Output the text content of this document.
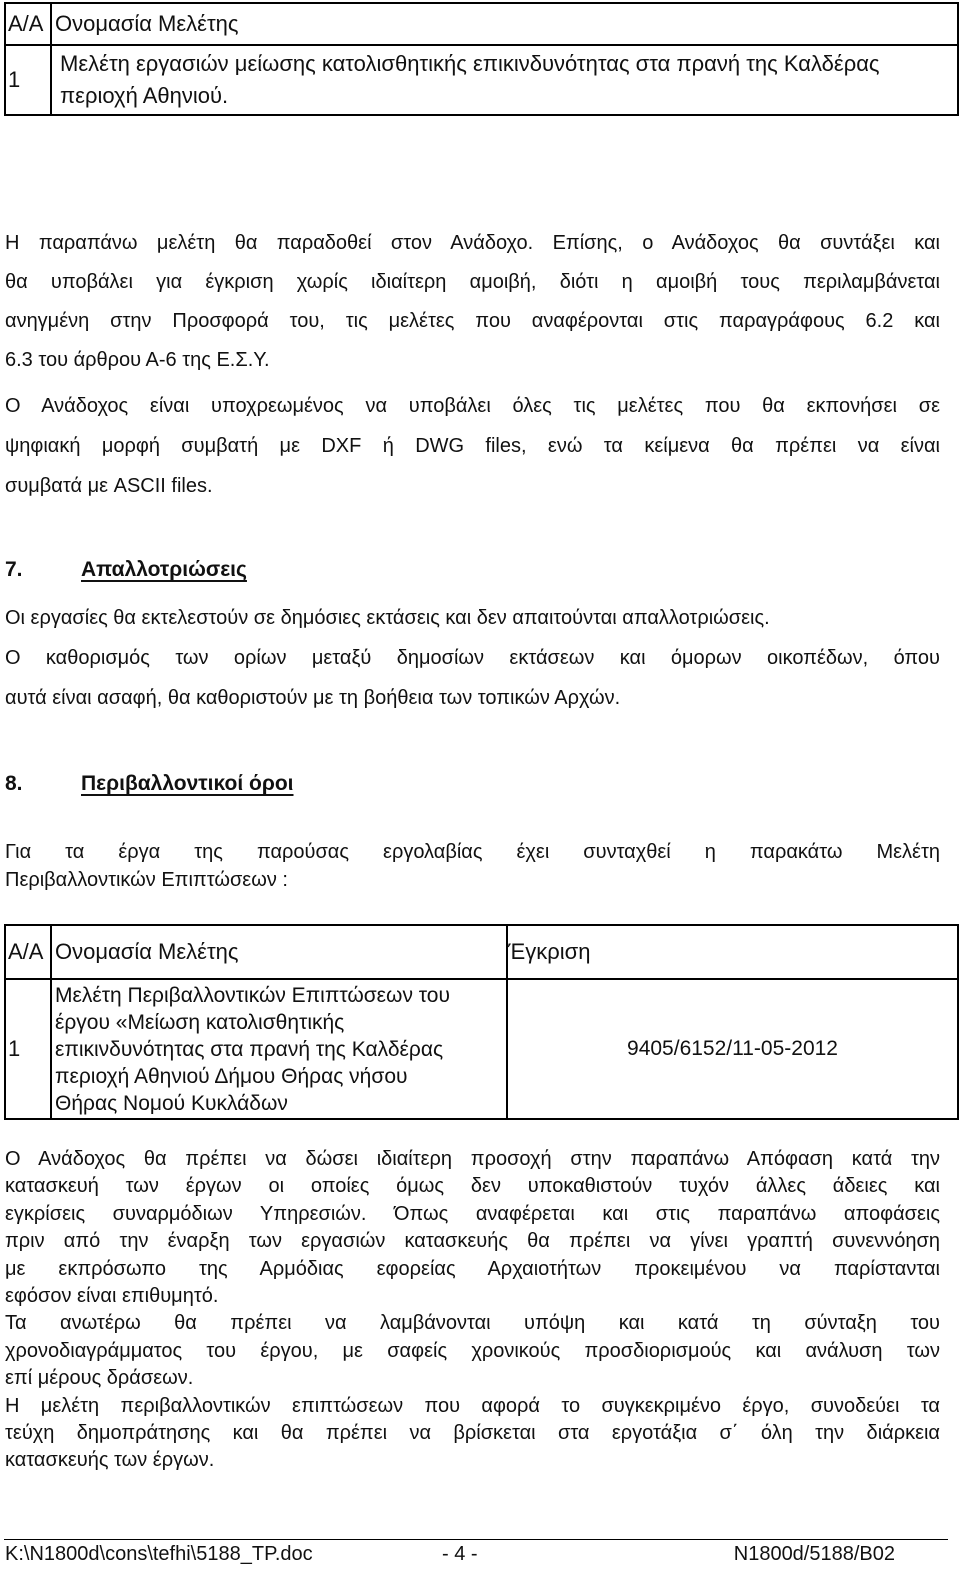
Α/Α	Ονομασία Μελέτης
1	Μελέτη εργασιών μείωσης κατολισθητικής επικινδυνότητας στα πρανή της Καλδέρας
περιοχή Αθηνιού.
Η παραπάνω μελέτη θα παραδοθεί στον Ανάδοχο. Επίσης, ο Ανάδοχος θα συντάξει και
θα υποβάλει για έγκριση χωρίς ιδιαίτερη αμοιβή, διότι η αμοιβή τους περιλαμβάνεται
ανηγμένη στην Προσφορά του, τις μελέτες που αναφέρονται στις παραγράφους 6.2 και
6.3 του άρθρου Α-6 της Ε.Σ.Υ.
Ο Ανάδοχος είναι υποχρεωμένος να υποβάλει όλες τις μελέτες που θα εκπονήσει σε
ψηφιακή μορφή συμβατή με DXF ή DWG files, ενώ τα κείμενα θα πρέπει να είναι
συμβατά με ASCII files.
7.	Απαλλοτριώσεις
Οι εργασίες θα εκτελεστούν σε δημόσιες εκτάσεις και δεν απαιτούνται απαλλοτριώσεις.
Ο καθορισμός των ορίων μεταξύ δημοσίων εκτάσεων και όμορων οικοπέδων, όπου
αυτά είναι ασαφή, θα καθοριστούν με τη βοήθεια των τοπικών Αρχών.
8.	Περιβαλλοντικοί όροι
Για τα έργα της παρούσας εργολαβίας έχει συνταχθεί η παρακάτω Μελέτη
Περιβαλλοντικών Επιπτώσεων :
Α/Α	Ονομασία Μελέτης	Έγκριση
1	Μελέτη Περιβαλλοντικών Επιπτώσεων του
έργου «Μείωση κατολισθητικής
επικινδυνότητας στα πρανή της Καλδέρας
περιοχή Αθηνιού Δήμου Θήρας νήσου
Θήρας Νομού Κυκλάδων	9405/6152/11-05-2012
Ο Ανάδοχος θα πρέπει να δώσει ιδιαίτερη προσοχή στην παραπάνω Απόφαση κατά την
κατασκευή των έργων οι οποίες όμως δεν υποκαθιστούν τυχόν άλλες άδειες και
εγκρίσεις συναρμόδιων Υπηρεσιών. Όπως αναφέρεται και στις παραπάνω αποφάσεις
πριν από την έναρξη των εργασιών κατασκευής θα πρέπει να γίνει γραπτή συνεννόηση
με εκπρόσωπο της Αρμόδιας εφορείας Αρχαιοτήτων προκειμένου να παρίστανται
εφόσον είναι επιθυμητό.
Τα ανωτέρω θα πρέπει να λαμβάνονται υπόψη και κατά τη σύνταξη του
χρονοδιαγράμματος του έργου, με σαφείς χρονικούς προσδιορισμούς και ανάλυση των
επί μέρους δράσεων.
Η μελέτη περιβαλλοντικών επιπτώσεων που αφορά το συγκεκριμένο έργο, συνοδεύει τα
τεύχη δημοπράτησης και θα πρέπει να βρίσκεται στα εργοτάξια σ΄ όλη την διάρκεια
κατασκευής των έργων.
K:\N1800d\cons\tefhi\5188_TP.doc	- 4 -	N1800d/5188/B02
